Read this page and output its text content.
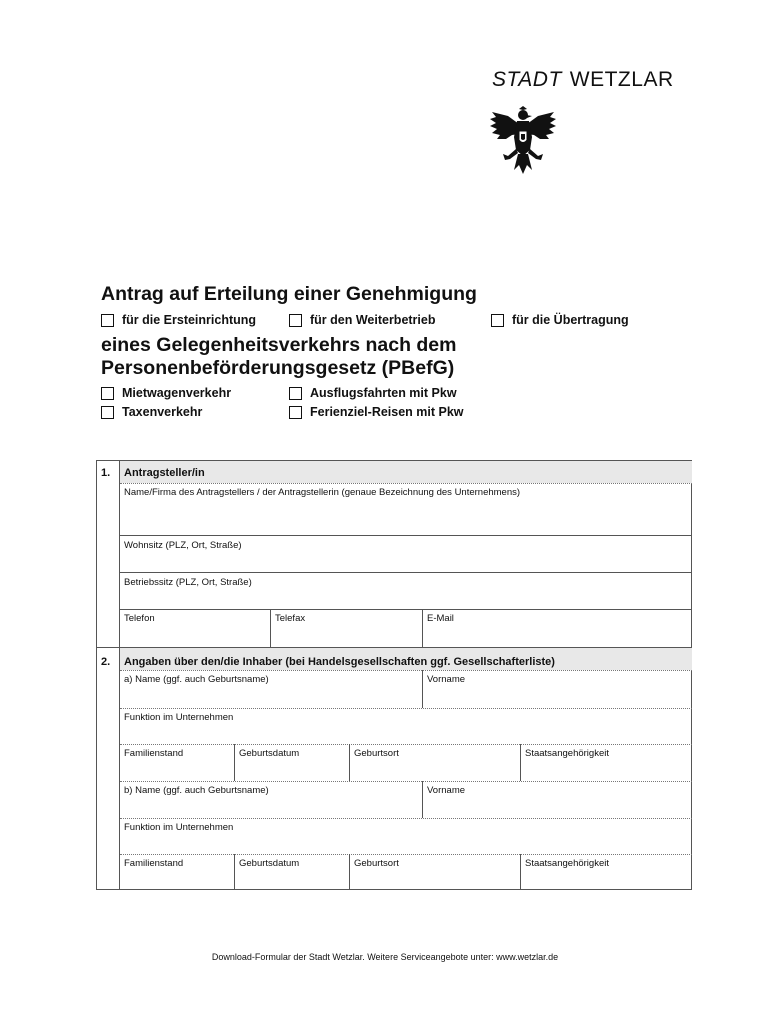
STADT WETZLAR
Antrag auf Erteilung einer Genehmigung
für die Ersteinrichtung	für den Weiterbetrieb	für die Übertragung
eines Gelegenheitsverkehrs nach dem
Personenbeförderungsgesetz (PBefG)
Mietwagenverkehr	Ausflugsfahrten mit Pkw
Taxenverkehr	Ferienziel-Reisen mit Pkw
1. Antragsteller/in
Name/Firma des Antragstellers / der Antragstellerin (genaue Bezeichnung des Unternehmens)
Wohnsitz (PLZ, Ort, Straße)
Betriebssitz (PLZ, Ort, Straße)
Telefon	Telefax	E-Mail
2. Angaben über den/die Inhaber (bei Handelsgesellschaften ggf. Gesellschafterliste)
a) Name (ggf. auch Geburtsname)	Vorname
Funktion im Unternehmen
Familienstand	Geburtsdatum	Geburtsort	Staatsangehörigkeit
b) Name (ggf. auch Geburtsname)	Vorname
Funktion im Unternehmen
Familienstand	Geburtsdatum	Geburtsort	Staatsangehörigkeit
Download-Formular der Stadt Wetzlar. Weitere Serviceangebote unter: www.wetzlar.de
